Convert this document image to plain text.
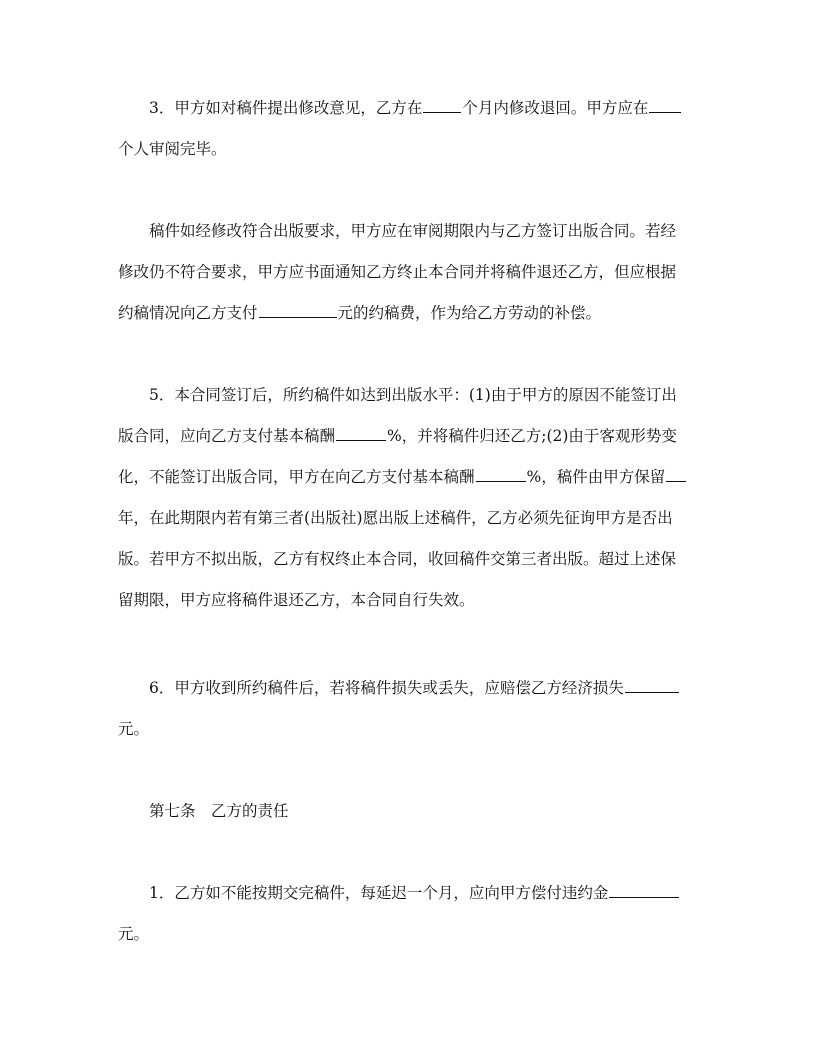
3．甲方如对稿件提出修改意见，乙方在	个月内修改退回。甲方应在
个人审阅完毕。
稿件如经修改符合出版要求，甲方应在审阅期限内与乙方签订出版合同。若经
修改仍不符合要求，甲方应书面通知乙方终止本合同并将稿件退还乙方，但应根据
约稿情况向乙方支付	元的约稿费，作为给乙方劳动的补偿。
5．本合同签订后，所约稿件如达到出版水平：(1)由于甲方的原因不能签订出
版合同，应向乙方支付基本稿酬	%，并将稿件归还乙方;(2)由于客观形势变
化，不能签订出版合同，甲方在向乙方支付基本稿酬	%，稿件由甲方保留
年，在此期限内若有第三者(出版社)愿出版上述稿件，乙方必须先征询甲方是否出
版。若甲方不拟出版，乙方有权终止本合同，收回稿件交第三者出版。超过上述保
留期限，甲方应将稿件退还乙方，本合同自行失效。
6．甲方收到所约稿件后，若将稿件损失或丢失，应赔偿乙方经济损失
元。
第七条　乙方的责任
1．乙方如不能按期交完稿件，每延迟一个月，应向甲方偿付违约金
元。
